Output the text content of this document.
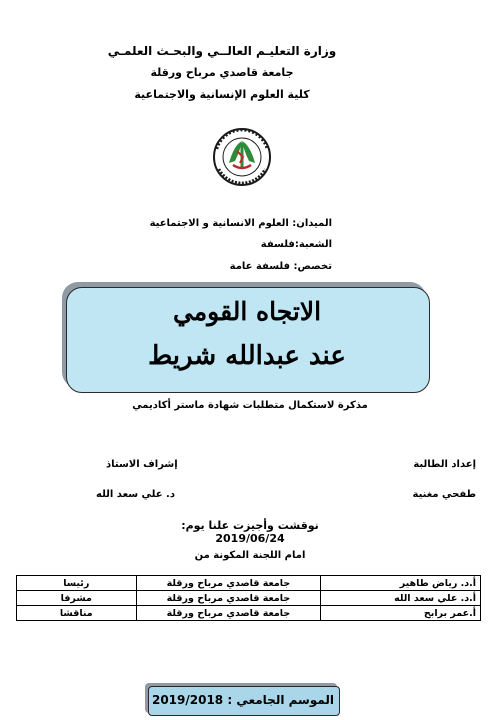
وزارة التعليـم العالــي والبحـث العلمـي
جامعة قاصدي مرباح ورقلة
كلية العلوم الإنسانية والاجتماعية
الميدان: العلوم الانسانية و الاجتماعية
الشعبة:فلسفة
تخصص: فلسفة عامة
الاتجاه القومي
عند عبدالله شريط
مذكرة لاستكمال متطلبات شهادة ماستر أكاديمي
إعداد الطالبة
طفحي مغنية
إشراف الاستاذ
د. علي سعد الله
نوقشت وأجيزت علنا يوم: 2019/06/24
امام اللجنة المكونة من
أ.د. رياض طاهير	جامعة قاصدي مرباح ورقلة	رئيسا
أ.د. علي سعد الله	جامعة قاصدي مرباح ورقلة	مشرفا
أ.عمر برابح	جامعة قاصدي مرباح ورقلة	مناقشا
الموسم الجامعي : 2019/2018
